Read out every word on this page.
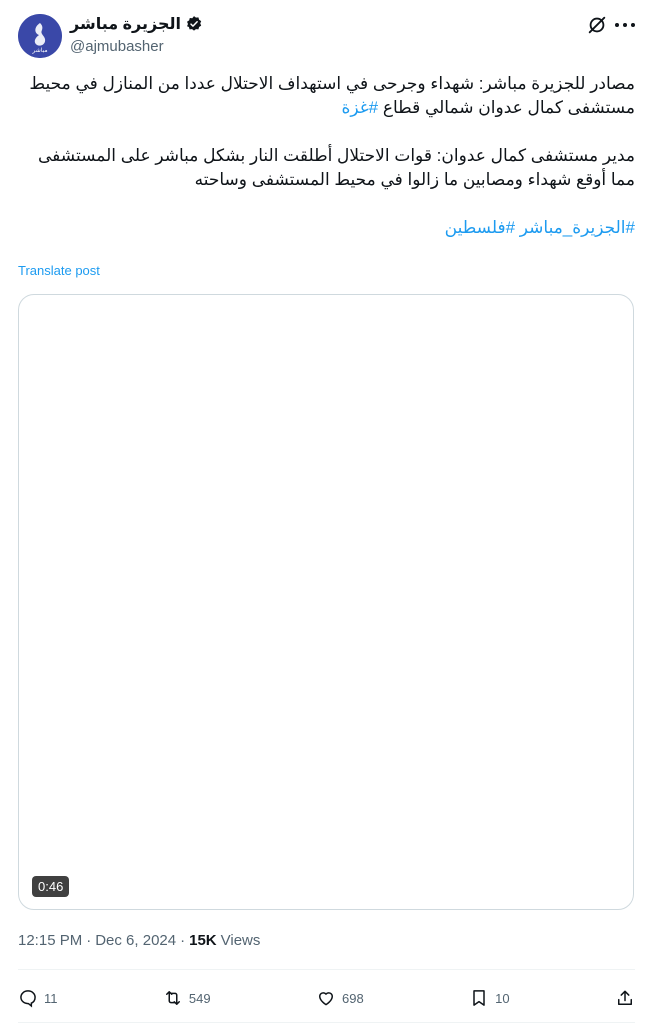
مباشر
الجزيرة مباشر
@ajmubasher

مصادر للجزيرة مباشر: شهداء وجرحى في استهداف الاحتلال عددا من المنازل في محيط مستشفى كمال عدوان شمالي قطاع #غزة

مدير مستشفى كمال عدوان: قوات الاحتلال أطلقت النار بشكل مباشر على المستشفى مما أوقع شهداء ومصابين ما زالوا في محيط المستشفى وساحته

#الجزيرة_مباشر #فلسطين

Translate post
0:46
12:15 PM · Dec 6, 2024 · 15K Views
11	549	698	10
